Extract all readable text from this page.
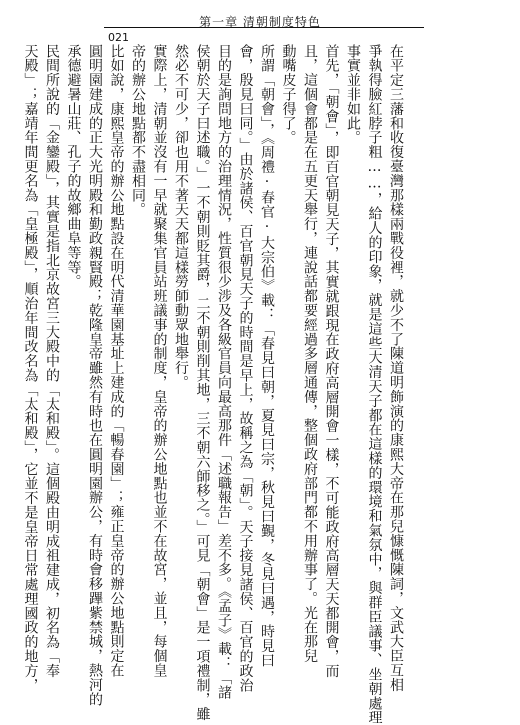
第一章 清朝制度特色
021

在平定三藩和收復臺灣那樣兩戰役裡，就少不了陳道明飾演的康熙大帝在那兒慷慨陳詞，文武大臣互相

爭執得臉紅脖子粗……，給人的印象，就是這些大清天子都在這樣的環境和氣氛中，與群臣議事、坐朝處理

事實並非如此。

首先，「朝會」，即百官朝見天子，其實就跟現在政府高層開會一樣，不可能政府高層天天都開會，而

且，這個會都是在五更天舉行，連說話都要經過多層通傳，整個政府部門都不用辦事了。光在那兒

動嘴皮子得了。

所謂「朝會」，《周禮·春官·大宗伯》載：「春見曰朝，夏見曰宗，秋見曰覲，冬見曰遇，時見曰

會，殷見曰同。」由於諸侯、百官朝見天子的時間是早上，故稱之為「朝」。天子接見諸侯、百官的政治

目的是詢問地方的治理情況，性質很少涉及各級官員向最高那件「述職報告」差不多。《孟子》載：「諸

侯朝於天子曰述職。」一不朝則貶其爵，二不朝則削其地，三不朝六師移之。」可見「朝會」是一項禮制，雖

然必不可少，卻也用不著天天都這樣勞師動眾地舉行。

實際上，清朝並沒有一早就聚集官員站班議事的制度，皇帝的辦公地點也並不在故宮，並且，每個皇

帝的辦公地點都不盡相同。

比如說，康熙皇帝的辦公地點設在明代清華園基址上建成的「暢春園」；雍正皇帝的辦公地點則定在

圓明園建成的正大光明殿和勤政親賢殿；乾隆皇帝雖然有時也在圓明園辦公，有時會移蹕紫禁城，熱河的

承德避暑山莊、孔子的故鄉曲阜等等。

民間所說的「金鑾殿」，其實是指北京故宮三大殿中的「太和殿」。這個殿由明成祖建成，初名為「奉

天殿」；嘉靖年間更名為「皇極殿」，順治年間改名為「太和殿」，它並不是皇帝日常處理國政的地方，
